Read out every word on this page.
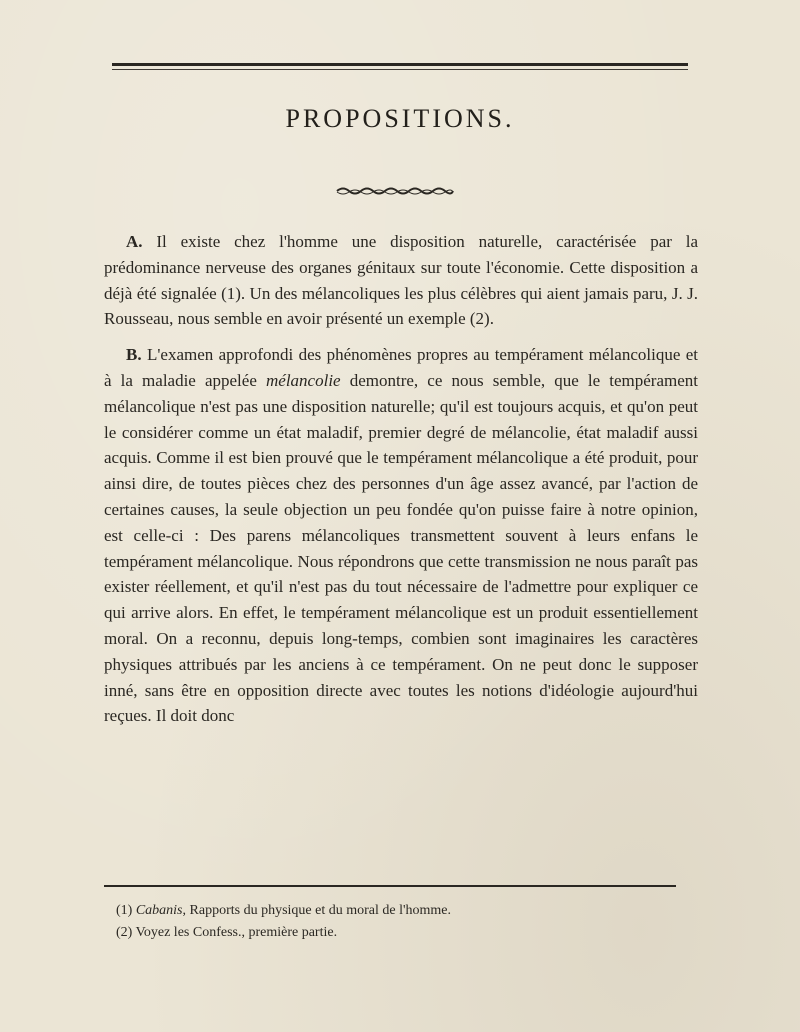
PROPOSITIONS.

A. Il existe chez l'homme une disposition naturelle, caractérisée par la prédominance nerveuse des organes génitaux sur toute l'économie. Cette disposition a déjà été signalée (1). Un des mélancoliques les plus célèbres qui aient jamais paru, J. J. Rousseau, nous semble en avoir présenté un exemple (2).

B. L'examen approfondi des phénomènes propres au tempérament mélancolique et à la maladie appelée mélancolie demontre, ce nous semble, que le tempérament mélancolique n'est pas une disposition naturelle; qu'il est toujours acquis, et qu'on peut le considérer comme un état maladif, premier degré de mélancolie, état maladif aussi acquis. Comme il est bien prouvé que le tempérament mélancolique a été produit, pour ainsi dire, de toutes pièces chez des personnes d'un âge assez avancé, par l'action de certaines causes, la seule objection un peu fondée qu'on puisse faire à notre opinion, est celle-ci : Des parens mélancoliques transmettent souvent à leurs enfans le tempérament mélancolique. Nous répondrons que cette transmission ne nous paraît pas exister réellement, et qu'il n'est pas du tout nécessaire de l'admettre pour expliquer ce qui arrive alors. En effet, le tempérament mélancolique est un produit essentiellement moral. On a reconnu, depuis long-temps, combien sont imaginaires les caractères physiques attribués par les anciens à ce tempérament. On ne peut donc le supposer inné, sans être en opposition directe avec toutes les notions d'idéologie aujourd'hui reçues. Il doit donc

(1) Cabanis, Rapports du physique et du moral de l'homme.
(2) Voyez les Confess., première partie.
